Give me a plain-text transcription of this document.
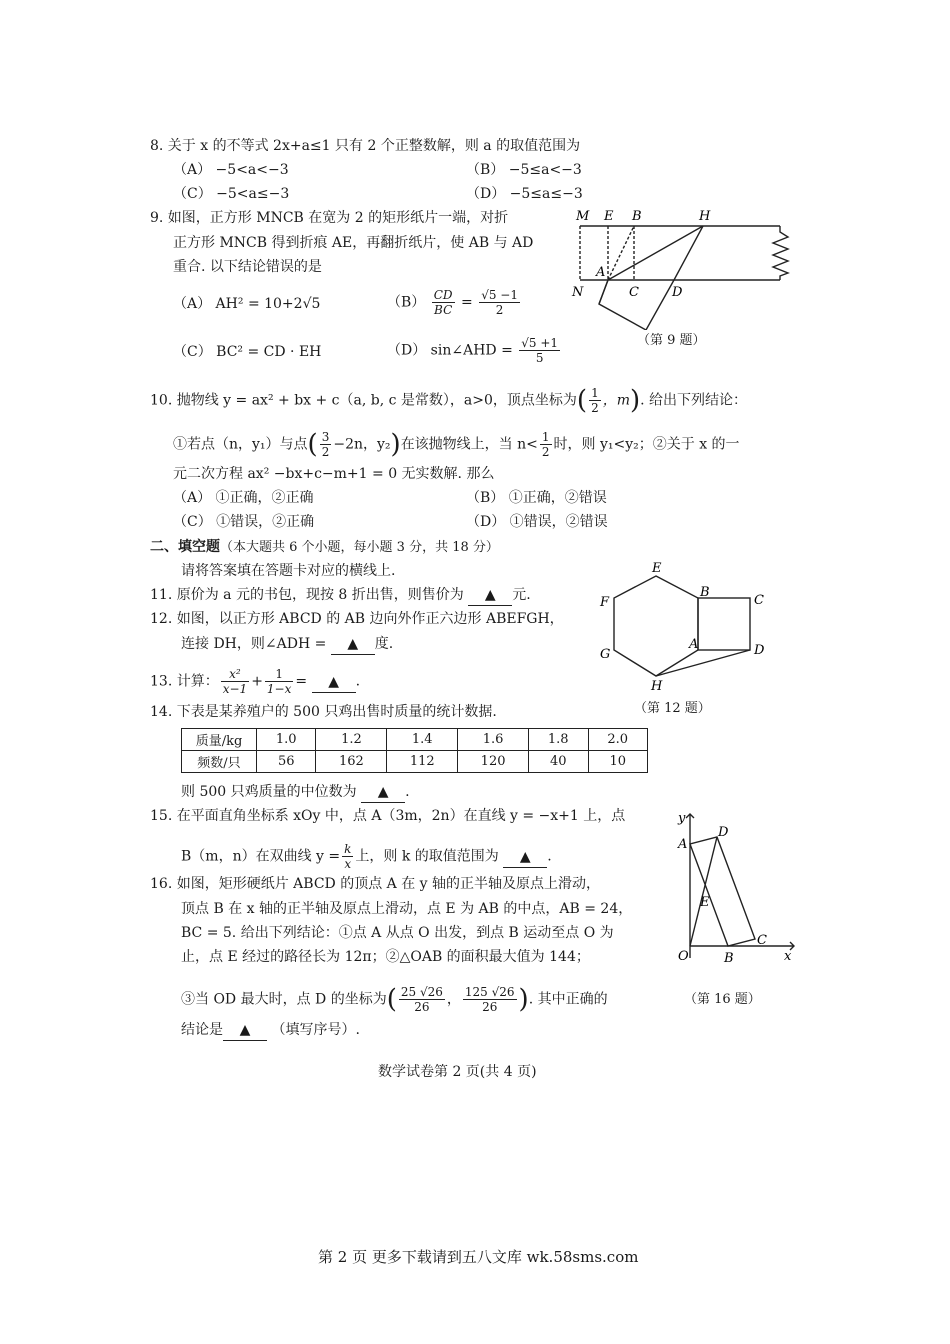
8. 关于 x 的不等式 2x+a≤1 只有 2 个正整数解，则 a 的取值范围为
（A） −5<a<−3	（B） −5≤a<−3
（C） −5<a≤−3	（D） −5≤a≤−3
9. 如图，正方形 MNCB 在宽为 2 的矩形纸片一端，对折
正方形 MNCB 得到折痕 AE，再翻折纸片，使 AB 与 AD
重合. 以下结论错误的是
（A） AH² = 10+2√5	$(B) \frac{CD}{BC} = \frac{√5 -1}{2}$
（C） BC² = CD · EH	（D） sin∠AHD = $\frac{√5 +1}{5}$
M E B	H
A
N	C	D
（第 9 题）
10. 抛物线 y = ax² + bx + c（a, b, c 是常数），a>0，顶点坐标为( $\frac{1}{2}$ ，m). 给出下列结论：
①若点（n，y₁）与点( $\frac{3}{2} -2n$，y₂)在该抛物线上，当 $n< \frac{1}{2}$ 时，则 y₁<y₂；②关于 x 的一
元二次方程 ax² −bx+c−m+1 = 0 无实数解. 那么
（A） ①正确，②正确	（B） ①正确，②错误
（C） ①错误，②正确	（D） ①错误，②错误
二、填空题（本大题共 6 个小题，每小题 3 分，共 18 分）
请将答案填在答题卡对应的横线上.
11. 原价为 a 元的书包，现按 8 折出售，则售价为 ▲ 元.
12. 如图，以正方形 ABCD 的 AB 边向外作正六边形 ABEFGH，
连接 DH，则∠ADH = ▲ 度.
E
F
B
C
A	D
G
H
（第 12 题）
13. 计算： $\frac{\text{x²}}{x-1} + \frac{1}{1-x}$ = ▲ .
14. 下表是某养殖户的 500 只鸡出售时质量的统计数据.
质量/kg	1.0	1.2	1.4	1.6	1.8	2.0
频数/只	56	162	112	120	40	10
则 500 只鸡质量的中位数为 ▲ .
15. 在平面直角坐标系 xOy 中，点 A（3m，2n）在直线 y = −x+1 上，点
B（m，n）在双曲线 $y = \frac{k}{x}$ 上，则 k 的取值范围为 ▲ .
16. 如图，矩形硬纸片 ABCD 的顶点 A 在 y 轴的正半轴及原点上滑动，
顶点 B 在 x 轴的正半轴及原点上滑动，点 E 为 AB 的中点，AB = 24，
BC = 5. 给出下列结论：①点 A 从点 O 出发，到点 B 运动至点 O 为
止，点 E 经过的路径长为 12π；②△OAB 的面积最大值为 144；
③当 OD 最大时，点 D 的坐标为( $\frac{25 √26}{26}$ ， $\frac{125 √26}{26}$ ). 其中正确的
结论是 ▲ （填写序号）.
y
D
A
E
O	B
C
x
（第 16 题）
数学试卷第 2 页(共 4 页)
第 2 页 更多下载请到五八文库 wk.58sms.com
